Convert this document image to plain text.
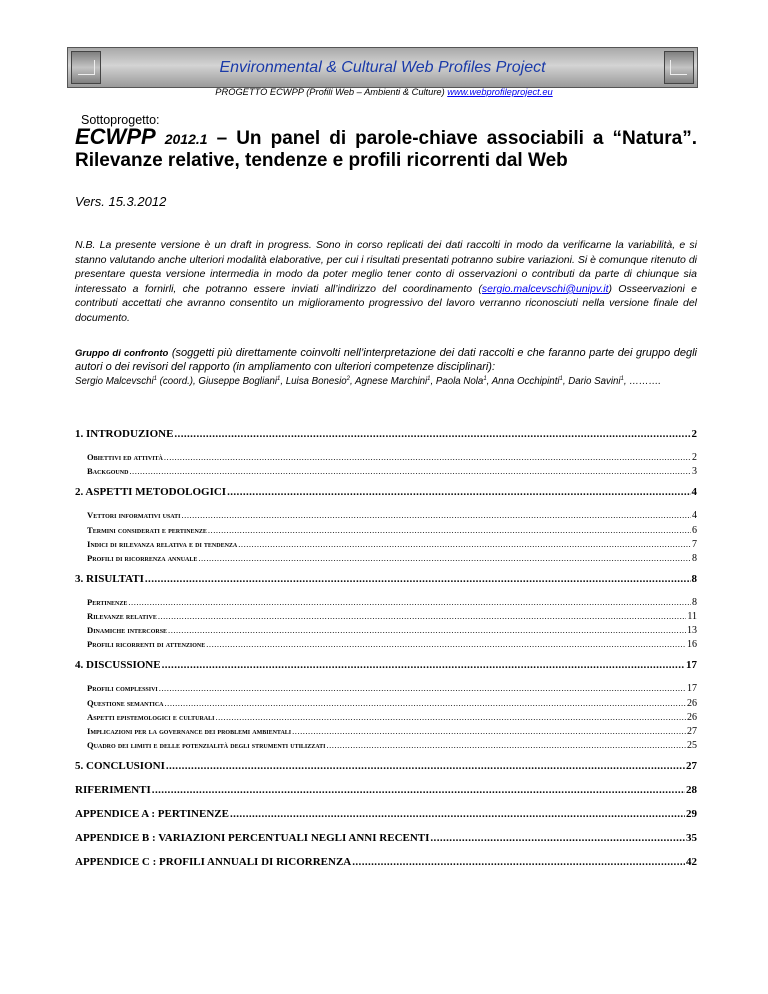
Environmental & Cultural Web Profiles Project
PROGETTO ECWPP (Profili Web – Ambienti & Culture) www.webprofileproject.eu
Sottoprogetto:
ECWPP 2012.1 – Un panel di parole-chiave associabili a “Natura”. Rilevanze relative, tendenze e profili ricorrenti dal Web
Vers. 15.3.2012
N.B. La presente versione è un draft in progress. Sono in corso replicati dei dati raccolti in modo da verificarne la variabilità, e si stanno valutando anche ulteriori modalità elaborative, per cui i risultati presentati potranno subire variazioni. Si è comunque ritenuto di presentare questa versione intermedia in modo da poter meglio tener conto di osservazioni o contributi da parte di chiunque sia interessato a fornirli, che potranno essere inviati all’indirizzo del coordinamento (sergio.malcevschi@unipv.it) Osseervazioni e contributi accettati che avranno consentito un miglioramento progressivo del lavoro verranno riconosciuti nella versione finale del documento.
Gruppo di confronto (soggetti più direttamente coinvolti nell’interpretazione dei dati raccolti e che faranno parte dei gruppo degli autori o dei revisori del rapporto (in ampliamento con ulteriori competenze disciplinari):
Sergio Malcevschi$^1$ (coord.), Giuseppe Bogliani$^1$, Luisa Bonesio$^2$, Agnese Marchini$^1$, Paola Nola$^1$, Anna Occhipinti$^1$, Dario Savini$^1$, ……….
1. INTRODUZIONE .....	2
Obiettivi ed attività .....	2
Backgound .....	3
2. ASPETTI METODOLOGICI .....	4
Vettori informativi usati .....	4
Termini considerati e pertinenze .....	6
Indici di rilevanza relativa e di tendenza .....	7
Profili di ricorrenza annuale .....	8
3. RISULTATI .....	8
Pertinenze .....	8
Rilevanze relative .....	11
Dinamiche intercorse .....	13
Profili ricorrenti di attenzione .....	16
4. DISCUSSIONE .....	17
Profili complessivi .....	17
Questione semantica .....	26
Aspetti epistemologici e culturali .....	26
Implicazioni per la governance dei problemi ambientali .....	27
Quadro dei limiti e delle potenzialità degli strumenti utilizzati .....	25
5. CONCLUSIONI .....	27
RIFERIMENTI .....	28
APPENDICE A : PERTINENZE .....	29
APPENDICE B : VARIAZIONI PERCENTUALI NEGLI ANNI RECENTI .....	35
APPENDICE C : PROFILI ANNUALI DI RICORRENZA .....	42
